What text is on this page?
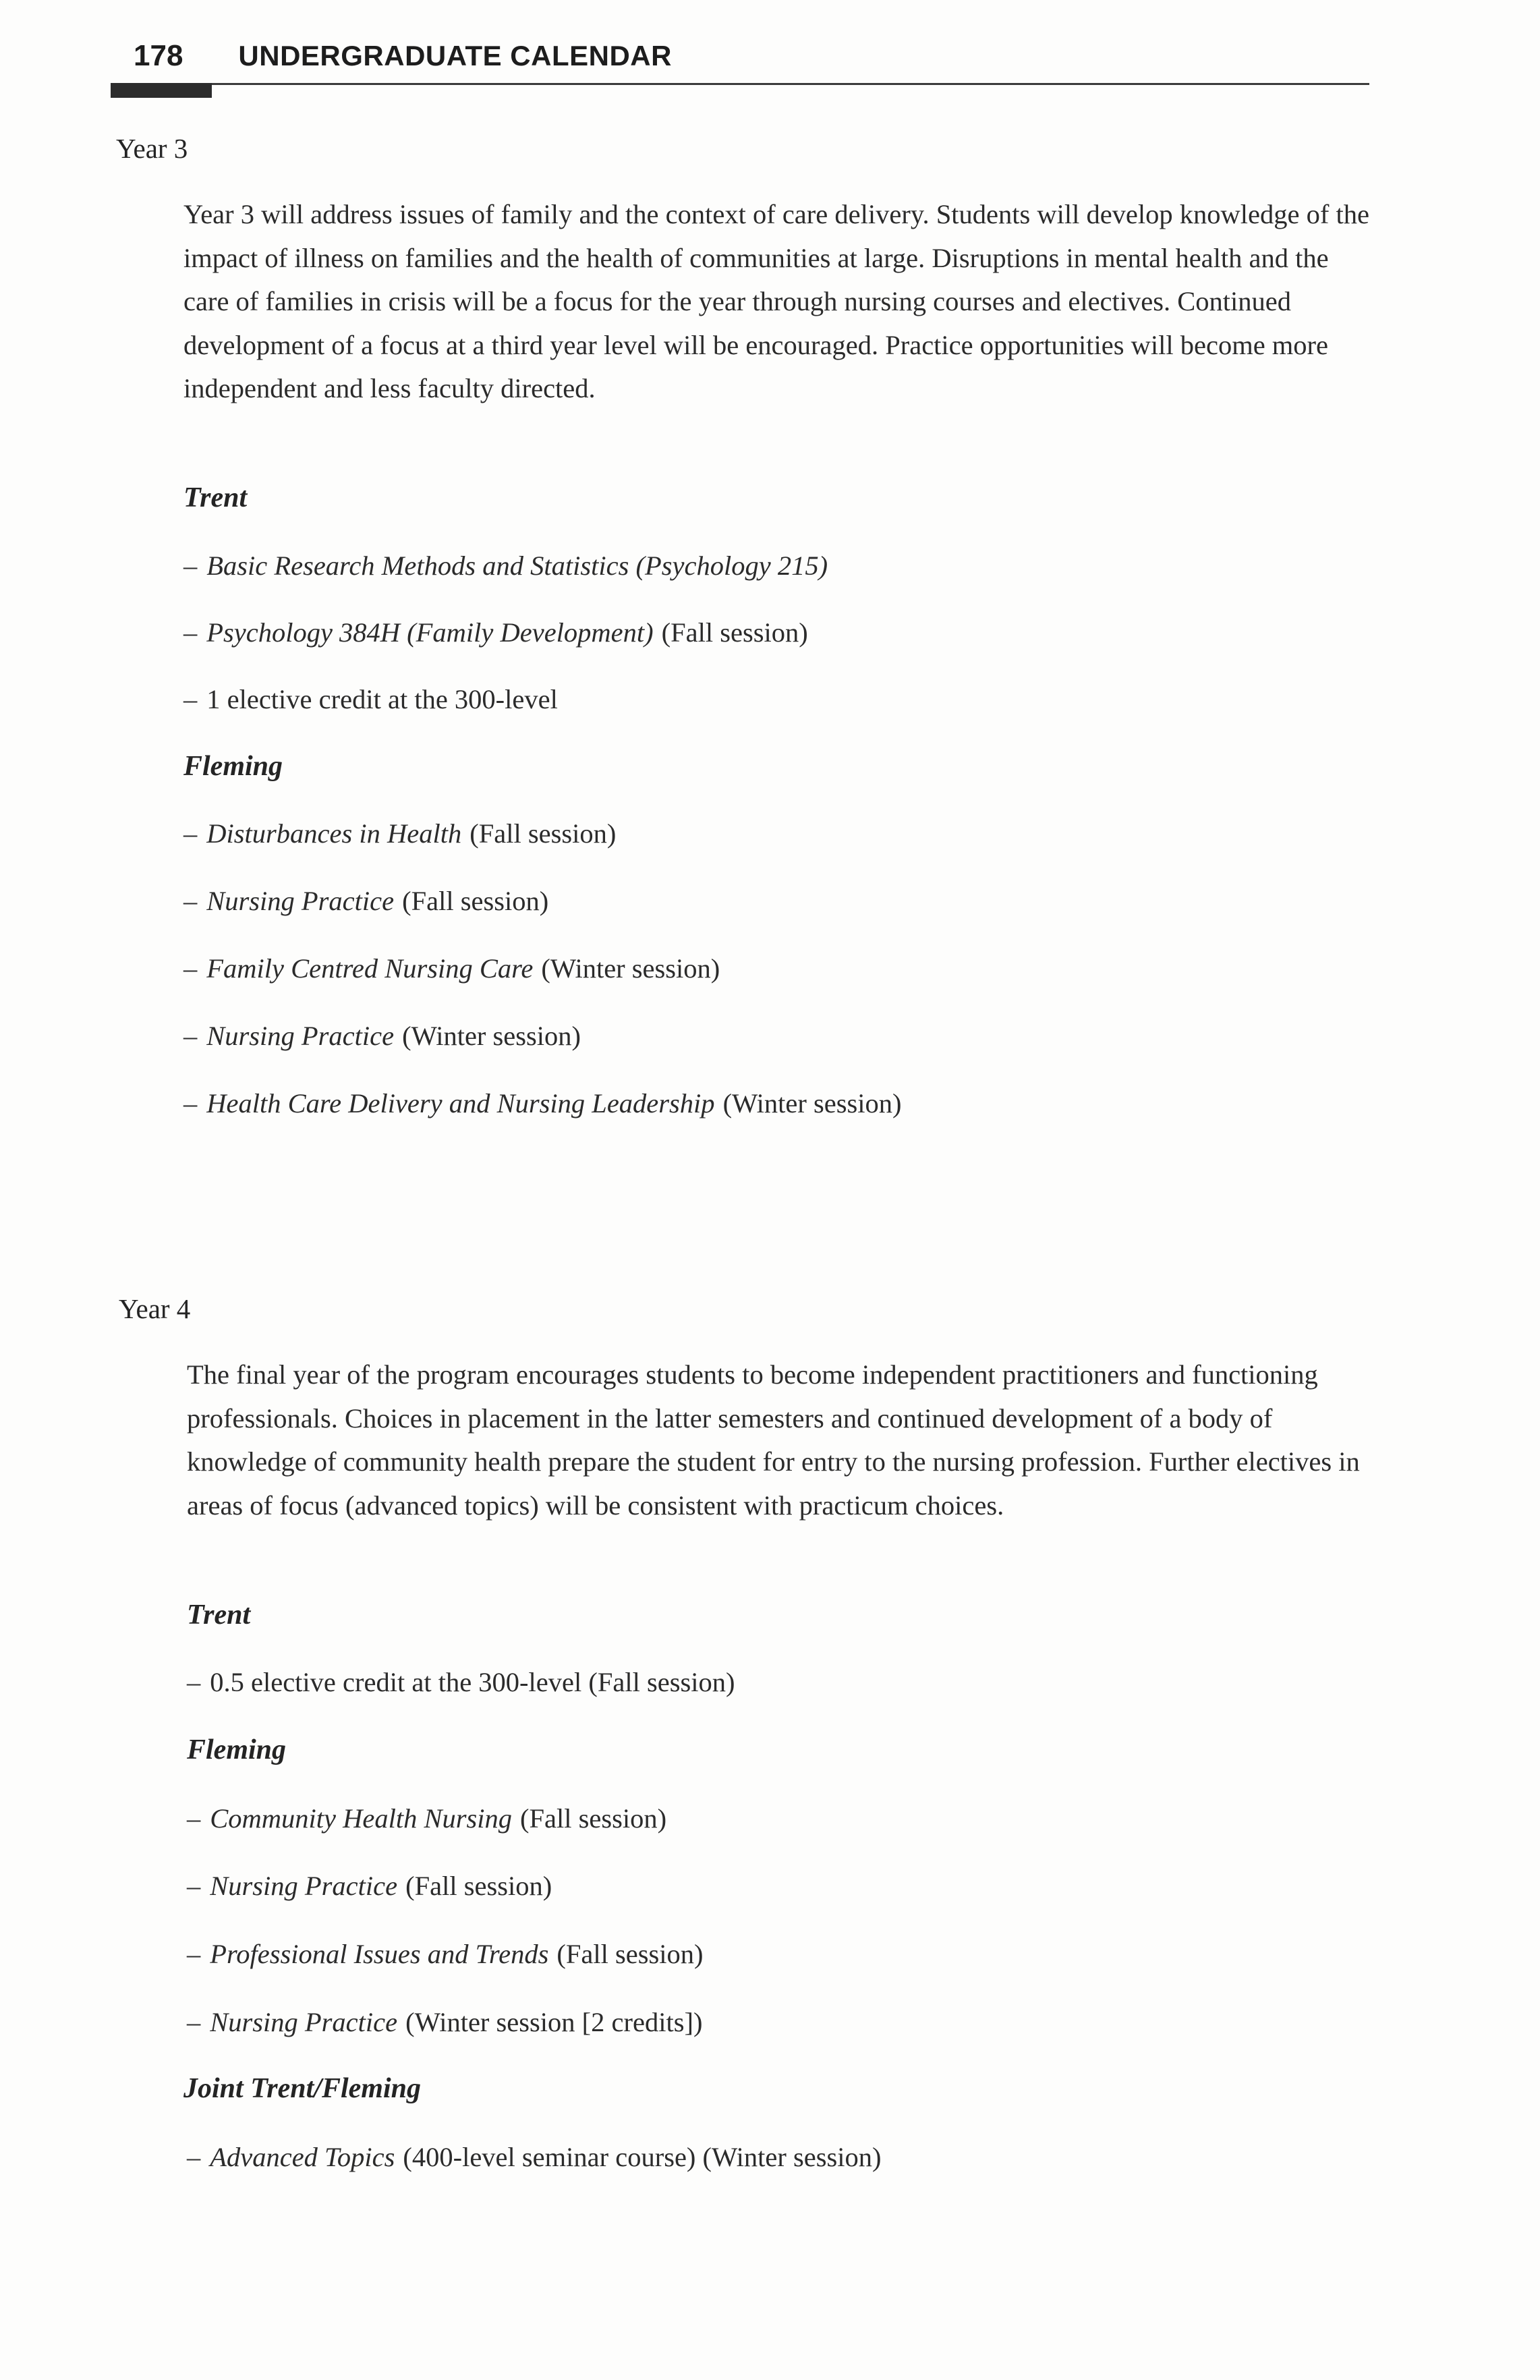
178 UNDERGRADUATE CALENDAR
Year 3
Year 3 will address issues of family and the context of care delivery. Students will develop knowledge of the impact of illness on families and the health of communities at large. Disruptions in mental health and the care of families in crisis will be a focus for the year through nursing courses and electives. Continued development of a focus at a third year level will be encouraged. Practice opportunities will become more independent and less faculty directed.
Trent
– Basic Research Methods and Statistics (Psychology 215)
– Psychology 384H (Family Development) (Fall session)
– 1 elective credit at the 300-level
Fleming
– Disturbances in Health (Fall session)
– Nursing Practice (Fall session)
– Family Centred Nursing Care (Winter session)
– Nursing Practice (Winter session)
– Health Care Delivery and Nursing Leadership (Winter session)
Year 4
The final year of the program encourages students to become independent practitioners and functioning professionals. Choices in placement in the latter semesters and continued development of a body of knowledge of community health prepare the student for entry to the nursing profession. Further electives in areas of focus (advanced topics) will be consistent with practicum choices.
Trent
– 0.5 elective credit at the 300-level (Fall session)
Fleming
– Community Health Nursing (Fall session)
– Nursing Practice (Fall session)
– Professional Issues and Trends (Fall session)
– Nursing Practice (Winter session [2 credits])
Joint Trent/Fleming
– Advanced Topics (400-level seminar course) (Winter session)
